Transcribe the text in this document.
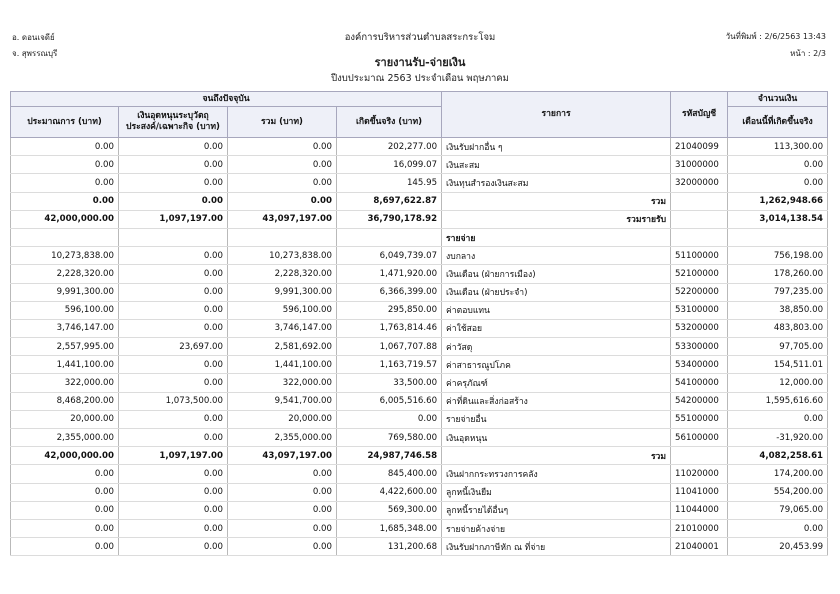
อ. ดอนเจดีย์
จ. สุพรรณบุรี
องค์การบริหารส่วนตำบลสระกระโจม	วันที่พิมพ์ : 2/6/2563 13:43
หน้า : 2/3
รายงานรับ-จ่ายเงิน
ปีงบประมาณ 2563 ประจำเดือน พฤษภาคม
จนถึงปัจจุบัน				รายการ	รหัสบัญชี	จำนวนเงิน
ประมาณการ (บาท)	เงินอุดหนุนระบุวัตถุ ประสงค์/เฉพาะกิจ (บาท)	รวม (บาท)	เกิดขึ้นจริง (บาท)			เดือนนี้ที่เกิดขึ้นจริง
0.00	0.00	0.00	202,277.00	เงินรับฝากอื่น ๆ	21040099	113,300.00
0.00	0.00	0.00	16,099.07	เงินสะสม	31000000	0.00
0.00	0.00	0.00	145.95	เงินทุนสำรองเงินสะสม	32000000	0.00
0.00	0.00	0.00	8,697,622.87	รวม		1,262,948.66
42,000,000.00	1,097,197.00	43,097,197.00	36,790,178.92	รวมรายรับ		3,014,138.54
				รายจ่าย		
10,273,838.00	0.00	10,273,838.00	6,049,739.07	งบกลาง	51100000	756,198.00
2,228,320.00	0.00	2,228,320.00	1,471,920.00	เงินเดือน (ฝ่ายการเมือง)	52100000	178,260.00
9,991,300.00	0.00	9,991,300.00	6,366,399.00	เงินเดือน (ฝ่ายประจำ)	52200000	797,235.00
596,100.00	0.00	596,100.00	295,850.00	ค่าตอบแทน	53100000	38,850.00
3,746,147.00	0.00	3,746,147.00	1,763,814.46	ค่าใช้สอย	53200000	483,803.00
2,557,995.00	23,697.00	2,581,692.00	1,067,707.88	ค่าวัสดุ	53300000	97,705.00
1,441,100.00	0.00	1,441,100.00	1,163,719.57	ค่าสาธารณูปโภค	53400000	154,511.01
322,000.00	0.00	322,000.00	33,500.00	ค่าครุภัณฑ์	54100000	12,000.00
8,468,200.00	1,073,500.00	9,541,700.00	6,005,516.60	ค่าที่ดินและสิ่งก่อสร้าง	54200000	1,595,616.60
20,000.00	0.00	20,000.00	0.00	รายจ่ายอื่น	55100000	0.00
2,355,000.00	0.00	2,355,000.00	769,580.00	เงินอุดหนุน	56100000	-31,920.00
42,000,000.00	1,097,197.00	43,097,197.00	24,987,746.58	รวม		4,082,258.61
0.00	0.00	0.00	845,400.00	เงินฝากกระทรวงการคลัง	11020000	174,200.00
0.00	0.00	0.00	4,422,600.00	ลูกหนี้เงินยืม	11041000	554,200.00
0.00	0.00	0.00	569,300.00	ลูกหนี้รายได้อื่นๆ	11044000	79,065.00
0.00	0.00	0.00	1,685,348.00	รายจ่ายค้างจ่าย	21010000	0.00
0.00	0.00	0.00	131,200.68	เงินรับฝากภาษีหัก ณ ที่จ่าย	21040001	20,453.99
